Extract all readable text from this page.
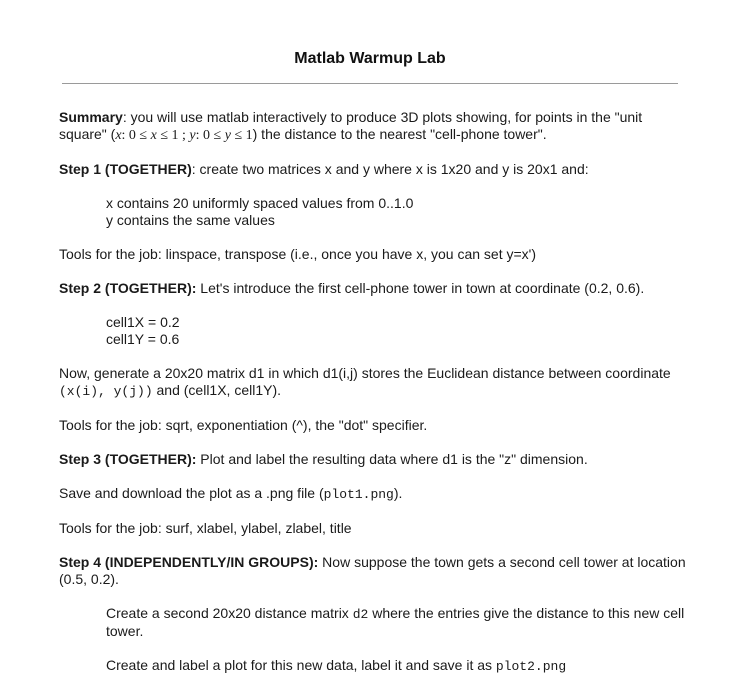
Matlab Warmup Lab

Summary: you will use matlab interactively to produce 3D plots showing, for points in the "unit square" (x: 0 ≤ x ≤ 1 ; y: 0 ≤ y ≤ 1) the distance to the nearest "cell-phone tower".

Step 1 (TOGETHER): create two matrices x and y where x is 1x20 and y is 20x1 and:

x contains 20 uniformly spaced values from 0..1.0

y contains the same values

Tools for the job: linspace, transpose (i.e., once you have x, you can set y=x')

Step 2 (TOGETHER): Let's introduce the first cell-phone tower in town at coordinate (0.2, 0.6).

cell1X = 0.2

cell1Y = 0.6

Now, generate a 20x20 matrix d1 in which d1(i,j) stores the Euclidean distance between coordinate (x(i), y(j)) and (cell1X, cell1Y).

Tools for the job: sqrt, exponentiation (^), the "dot" specifier.

Step 3 (TOGETHER): Plot and label the resulting data where d1 is the "z" dimension.

Save and download the plot as a .png file (plot1.png).

Tools for the job: surf, xlabel, ylabel, zlabel, title

Step 4 (INDEPENDENTLY/IN GROUPS): Now suppose the town gets a second cell tower at location (0.5, 0.2).

Create a second 20x20 distance matrix d2 where the entries give the distance to this new cell tower.

Create and label a plot for this new data, label it and save it as plot2.png
